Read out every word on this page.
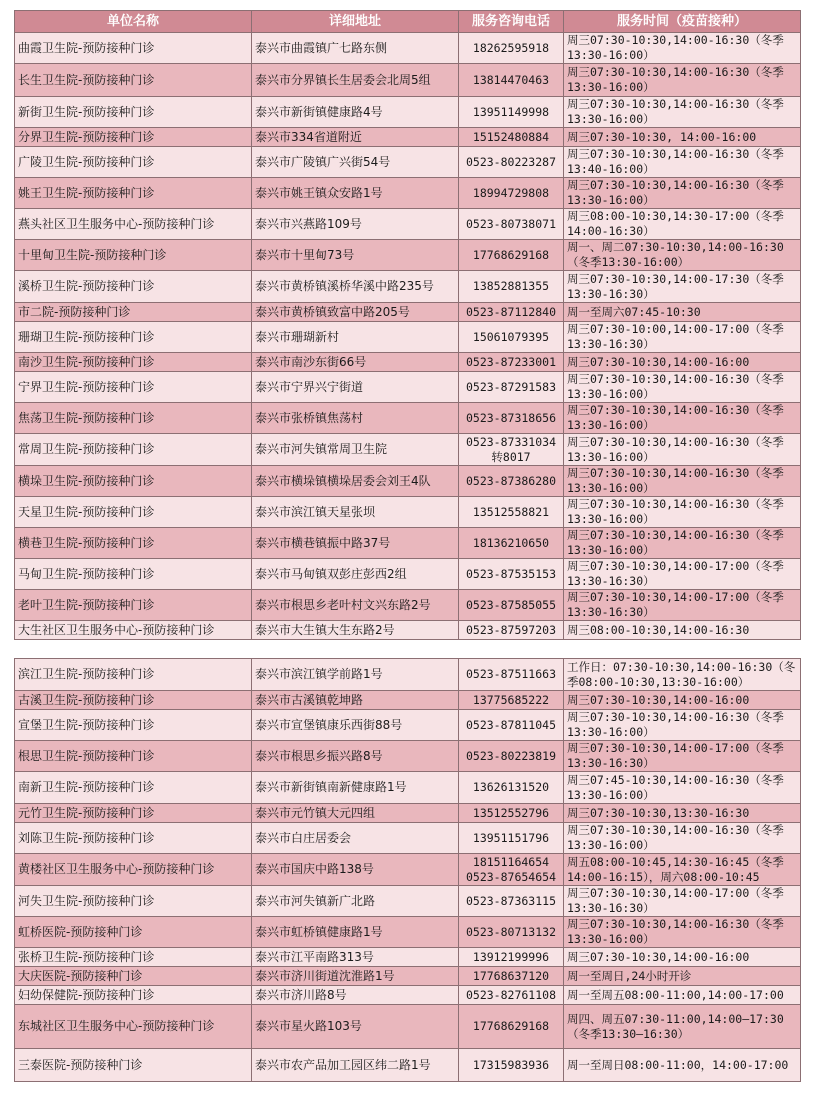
单位名称	详细地址	服务咨询电话	服务时间（疫苗接种）
曲霞卫生院-预防接种门诊	泰兴市曲霞镇广七路东侧	18262595918	周三07:30-10:30,14:00-16:30（冬季13:30-16:00）
长生卫生院-预防接种门诊	泰兴市分界镇长生居委会北周5组	13814470463	周三07:30-10:30,14:00-16:30（冬季13:30-16:00）
新街卫生院-预防接种门诊	泰兴市新街镇健康路4号	13951149998	周三07:30-10:30,14:00-16:30（冬季13:30-16:00）
分界卫生院-预防接种门诊	泰兴市334省道附近	15152480884	周三07:30-10:30, 14:00-16:00
广陵卫生院-预防接种门诊	泰兴市广陵镇广兴街54号	0523-80223287	周三07:30-10:30,14:00-16:30（冬季13:40-16:00）
姚王卫生院-预防接种门诊	泰兴市姚王镇众安路1号	18994729808	周三07:30-10:30,14:00-16:30（冬季13:30-16:00）
燕头社区卫生服务中心-预防接种门诊	泰兴市兴燕路109号	0523-80738071	周三08:00-10:30,14:30-17:00（冬季14:00-16:30）
十里甸卫生院-预防接种门诊	泰兴市十里甸73号	17768629168	周一、周二07:30-10:30,14:00-16:30（冬季13:30-16:00）
溪桥卫生院-预防接种门诊	泰兴市黄桥镇溪桥华溪中路235号	13852881355	周三07:30-10:30,14:00-17:30（冬季13:30-16:30）
市二院-预防接种门诊	泰兴市黄桥镇致富中路205号	0523-87112840	周一至周六07:45-10:30
珊瑚卫生院-预防接种门诊	泰兴市珊瑚新村	15061079395	周三07:30-10:00,14:00-17:00（冬季13:30-16:30）
南沙卫生院-预防接种门诊	泰兴市南沙东街66号	0523-87233001	周三07:30-10:30,14:00-16:00
宁界卫生院-预防接种门诊	泰兴市宁界兴宁街道	0523-87291583	周三07:30-10:30,14:00-16:30（冬季13:30-16:00）
焦荡卫生院-预防接种门诊	泰兴市张桥镇焦荡村	0523-87318656	周三07:30-10:30,14:00-16:30（冬季13:30-16:00）
常周卫生院-预防接种门诊	泰兴市河失镇常周卫生院	0523-87331034转8017	周三07:30-10:30,14:00-16:30（冬季13:30-16:00）
横垛卫生院-预防接种门诊	泰兴市横垛镇横垛居委会刘王4队	0523-87386280	周三07:30-10:30,14:00-16:30（冬季13:30-16:00）
天星卫生院-预防接种门诊	泰兴市滨江镇天星张坝	13512558821	周三07:30-10:30,14:00-16:30（冬季13:30-16:00）
横巷卫生院-预防接种门诊	泰兴市横巷镇振中路37号	18136210650	周三07:30-10:30,14:00-16:30（冬季13:30-16:00）
马甸卫生院-预防接种门诊	泰兴市马甸镇双彭庄彭西2组	0523-87535153	周三07:30-10:30,14:00-17:00（冬季13:30-16:30）
老叶卫生院-预防接种门诊	泰兴市根思乡老叶村文兴东路2号	0523-87585055	周三07:30-10:30,14:00-17:00（冬季13:30-16:30）
大生社区卫生服务中心-预防接种门诊	泰兴市大生镇大生东路2号	0523-87597203	周三08:00-10:30,14:00-16:30
滨江卫生院-预防接种门诊	泰兴市滨江镇学前路1号	0523-87511663	工作日：07:30-10:30,14:00-16:30（冬季08:00-10:30,13:30-16:00）
古溪卫生院-预防接种门诊	泰兴市古溪镇乾坤路	13775685222	周三07:30-10:30,14:00-16:00
宣堡卫生院-预防接种门诊	泰兴市宣堡镇康乐西街88号	0523-87811045	周三07:30-10:30,14:00-16:30（冬季13:30-16:00）
根思卫生院-预防接种门诊	泰兴市根思乡振兴路8号	0523-80223819	周三07:30-10:30,14:00-17:00（冬季13:30-16:30）
南新卫生院-预防接种门诊	泰兴市新街镇南新健康路1号	13626131520	周三07:45-10:30,14:00-16:30（冬季13:30-16:00）
元竹卫生院-预防接种门诊	泰兴市元竹镇大元四组	13512552796	周三07:30-10:30,13:30-16:30
刘陈卫生院-预防接种门诊	泰兴市白庄居委会	13951151796	周三07:30-10:30,14:00-16:30（冬季13:30-16:00）
黄楼社区卫生服务中心-预防接种门诊	泰兴市国庆中路138号	18151164654 0523-87654654	周五08:00-10:45,14:30-16:45（冬季14:00-16:15），周六08:00-10:45
河失卫生院-预防接种门诊	泰兴市河失镇新广北路	0523-87363115	周三07:30-10:30,14:00-17:00（冬季13:30-16:30）
虹桥医院-预防接种门诊	泰兴市虹桥镇健康路1号	0523-80713132	周三07:30-10:30,14:00-16:30（冬季13:30-16:00）
张桥卫生院-预防接种门诊	泰兴市江平南路313号	13912199996	周三07:30-10:30,14:00-16:00
大庆医院-预防接种门诊	泰兴市济川街道沈淮路1号	17768637120	周一至周日,24小时开诊
妇幼保健院-预防接种门诊	泰兴市济川路8号	0523-82761108	周一至周五08:00-11:00,14:00-17:00
东城社区卫生服务中心-预防接种门诊	泰兴市星火路103号	17768629168	周四、周五07:30-11:00,14:00—17:30（冬季13:30—16:30）
三泰医院-预防接种门诊	泰兴市农产品加工园区纬二路1号	17315983936	周一至周日08:00-11:00，14:00-17:00
